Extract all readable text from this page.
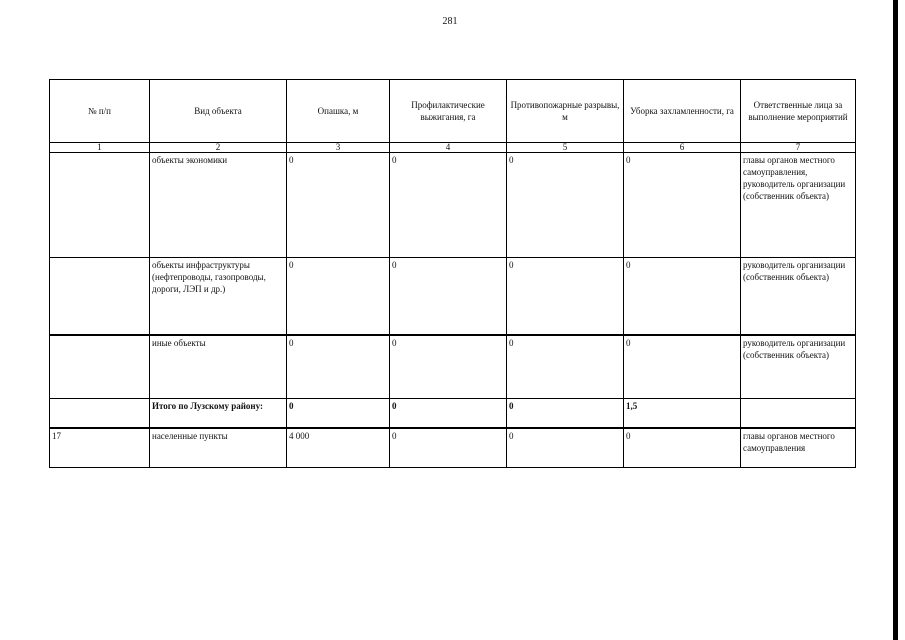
281
№ п/п	Вид объекта	Опашка, м	Профилактические выжигания, га	Противопожарные разрывы, м	Уборка захламленности, га	Ответственные лица за выполнение мероприятий
1	2	3	4	5	6	7
	объекты экономики	0	0	0	0	главы органов местного самоуправления, руководитель организации (собственник объекта)
	объекты инфраструктуры (нефтепроводы, газопроводы, дороги, ЛЭП и др.)	0	0	0	0	руководитель организации (собственник объекта)
	иные объекты	0	0	0	0	руководитель организации (собственник объекта)
	Итого по Лузскому району:	0	0	0	1,5	
17	населенные пункты	4 000	0	0	0	главы органов местного самоуправления
